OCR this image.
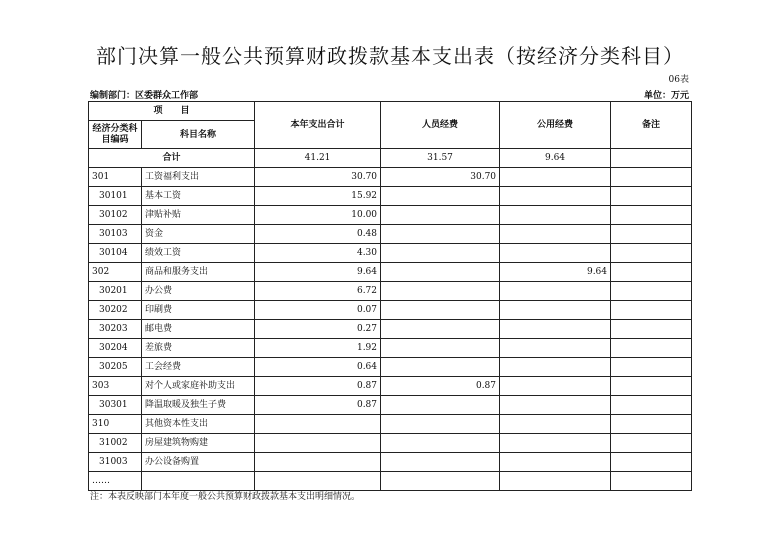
部门决算一般公共预算财政拨款基本支出表（按经济分类科目）
06表
编制部门：区委群众工作部	单位：万元
项　　目		本年支出合计	人员经费	公用经费	备注
经济分类科目编码	科目名称				
合计		41.21	31.57	9.64	
301	工资福利支出	30.70	30.70		
30101	基本工资	15.92			
30102	津贴补贴	10.00			
30103	资金	0.48			
30104	绩效工资	4.30			
302	商品和服务支出	9.64		9.64	
30201	办公费	6.72			
30202	印刷费	0.07			
30203	邮电费	0.27			
30204	差旅费	1.92			
30205	工会经费	0.64			
303	对个人或家庭补助支出	0.87	0.87		
30301	降温取暖及独生子费	0.87			
310	其他资本性支出				
31002	房屋建筑物购建				
31003	办公设备购置				
……					
注：本表反映部门本年度一般公共预算财政拨款基本支出明细情况。
